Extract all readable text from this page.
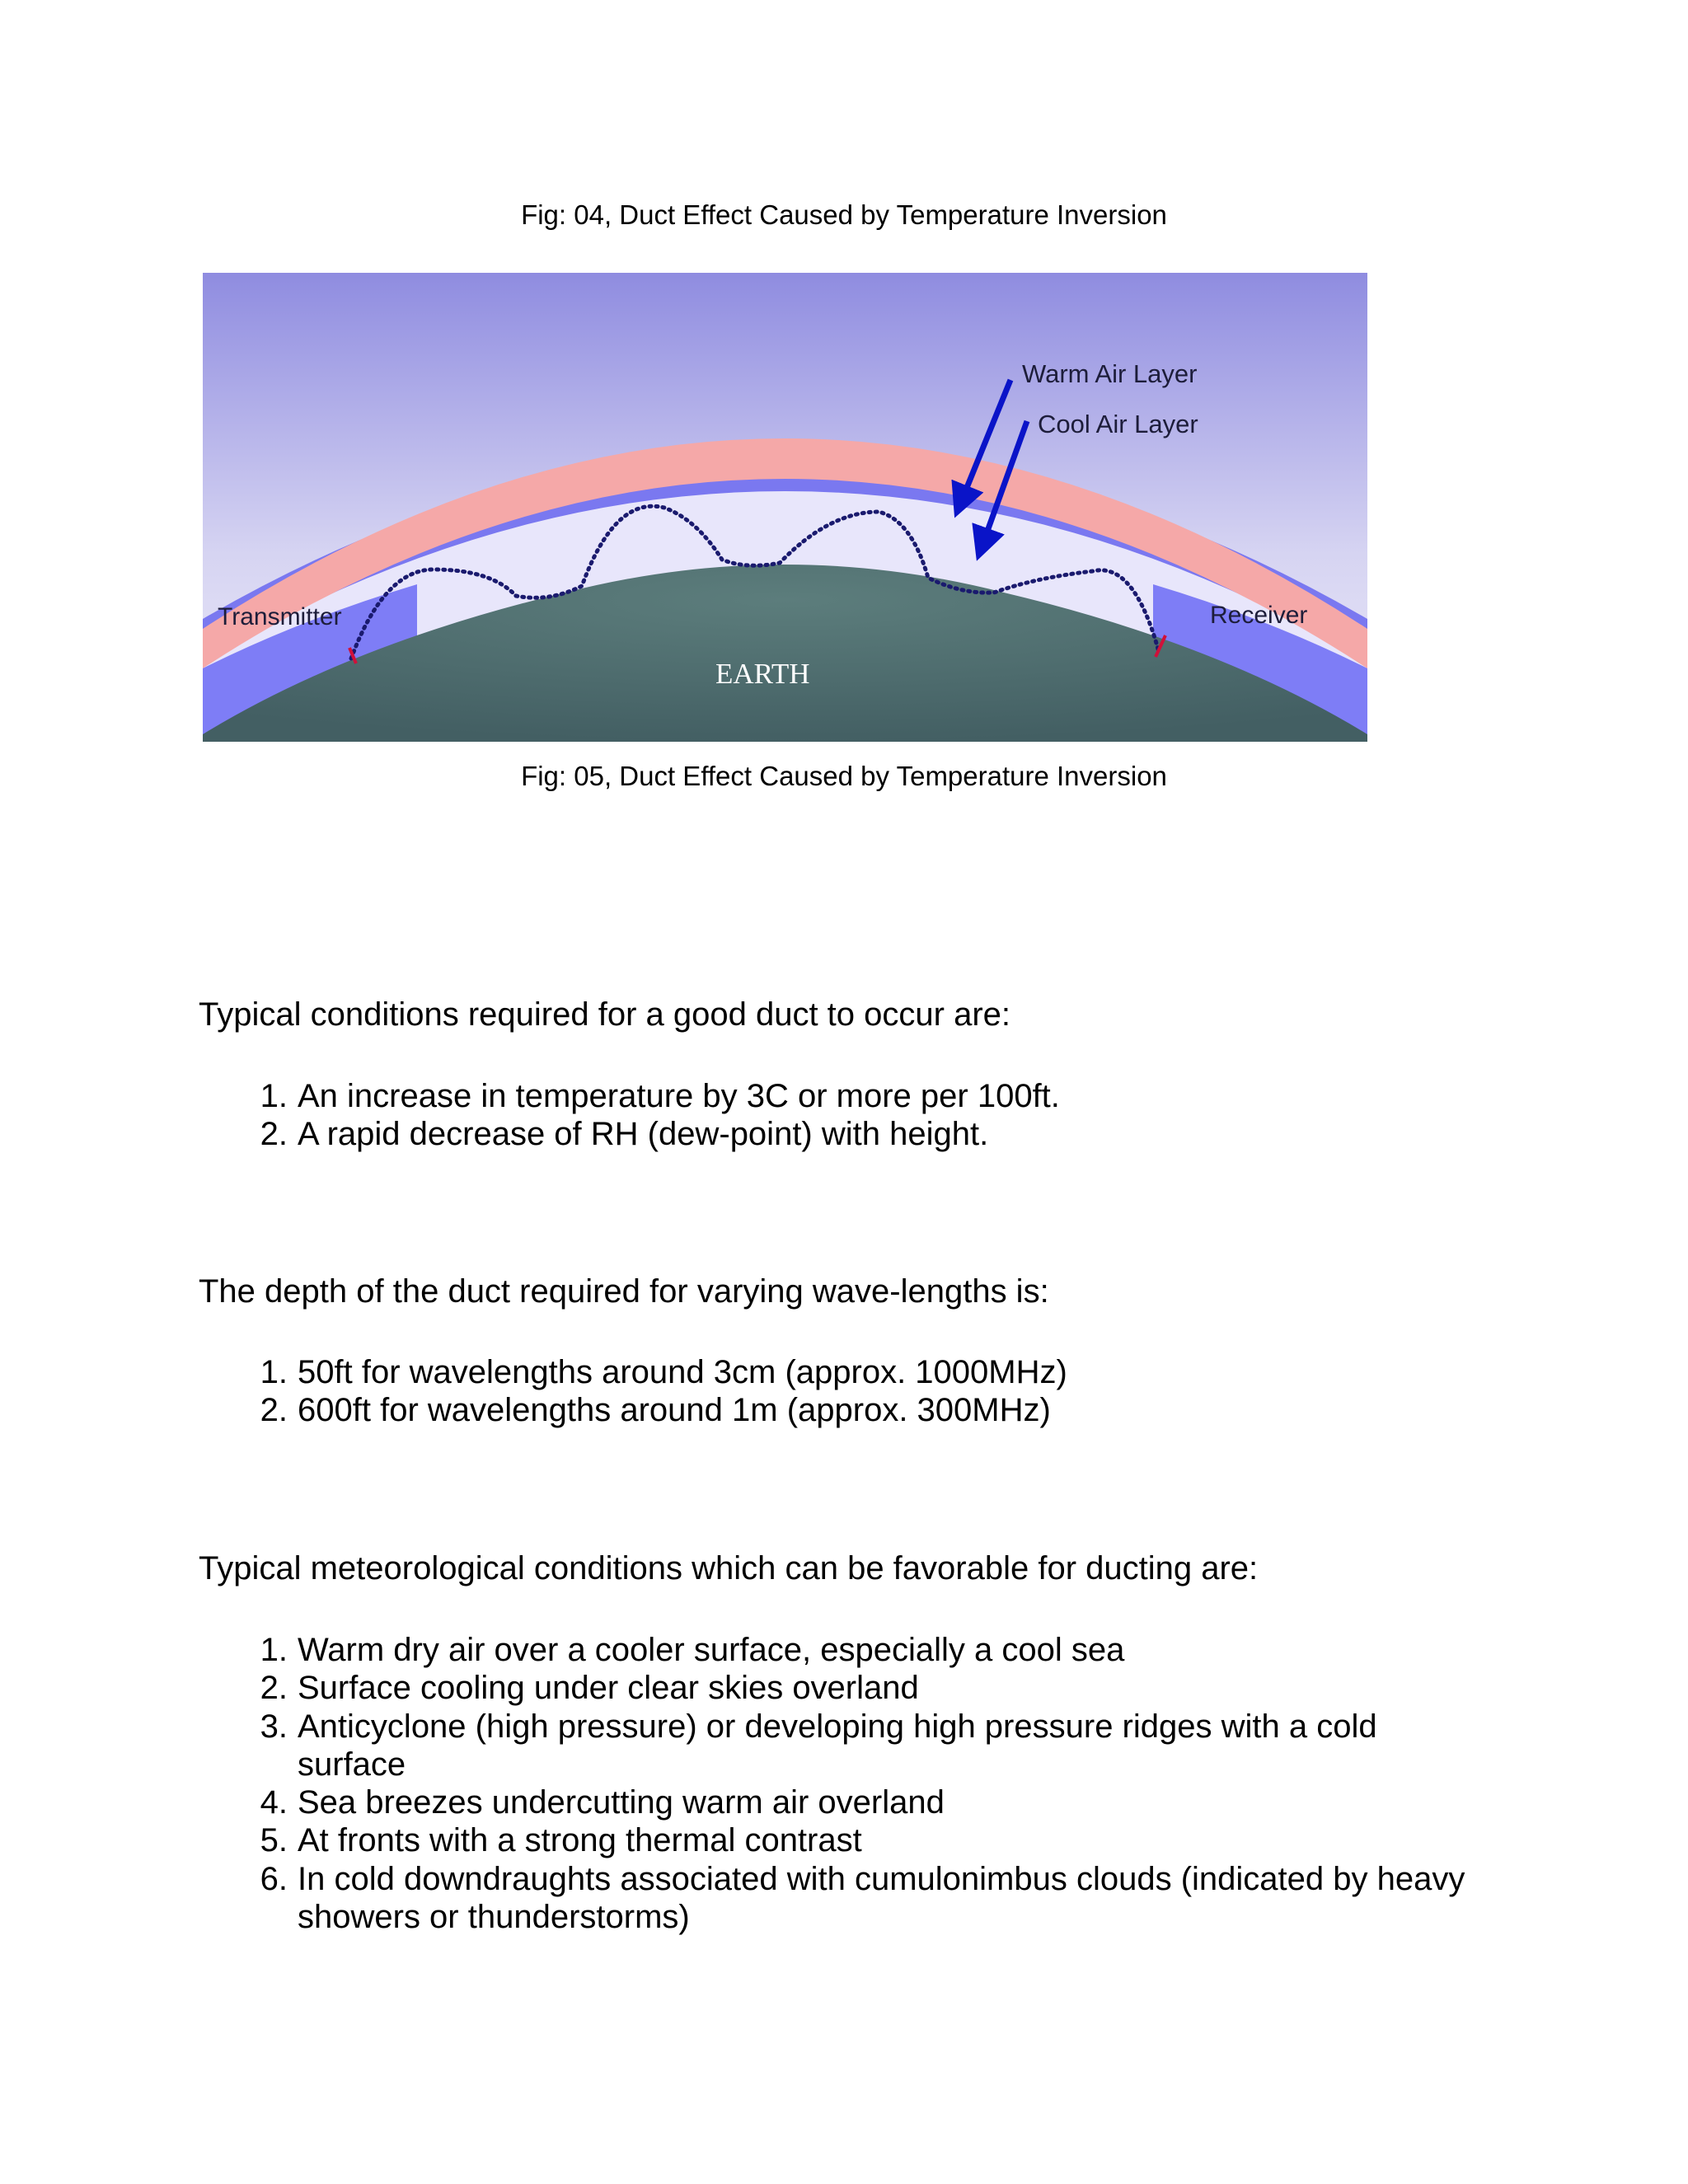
Fig: 04, Duct Effect Caused by Temperature Inversion
Warm Air Layer
Cool Air Layer
Transmitter	Receiver
EARTH
Fig: 05, Duct Effect Caused by Temperature Inversion

Typical conditions required for a good duct to occur are:

1. An increase in temperature by 3C or more per 100ft.
2. A rapid decrease of RH (dew-point) with height.

The depth of the duct required for varying wave-lengths is:

1. 50ft for wavelengths around 3cm (approx. 1000MHz)
2. 600ft for wavelengths around 1m (approx. 300MHz)

Typical meteorological conditions which can be favorable for ducting are:

1. Warm dry air over a cooler surface, especially a cool sea
2. Surface cooling under clear skies overland
3. Anticyclone (high pressure) or developing high pressure ridges with a cold surface
4. Sea breezes undercutting warm air overland
5. At fronts with a strong thermal contrast
6. In cold downdraughts associated with cumulonimbus clouds (indicated by heavy showers or thunderstorms)
